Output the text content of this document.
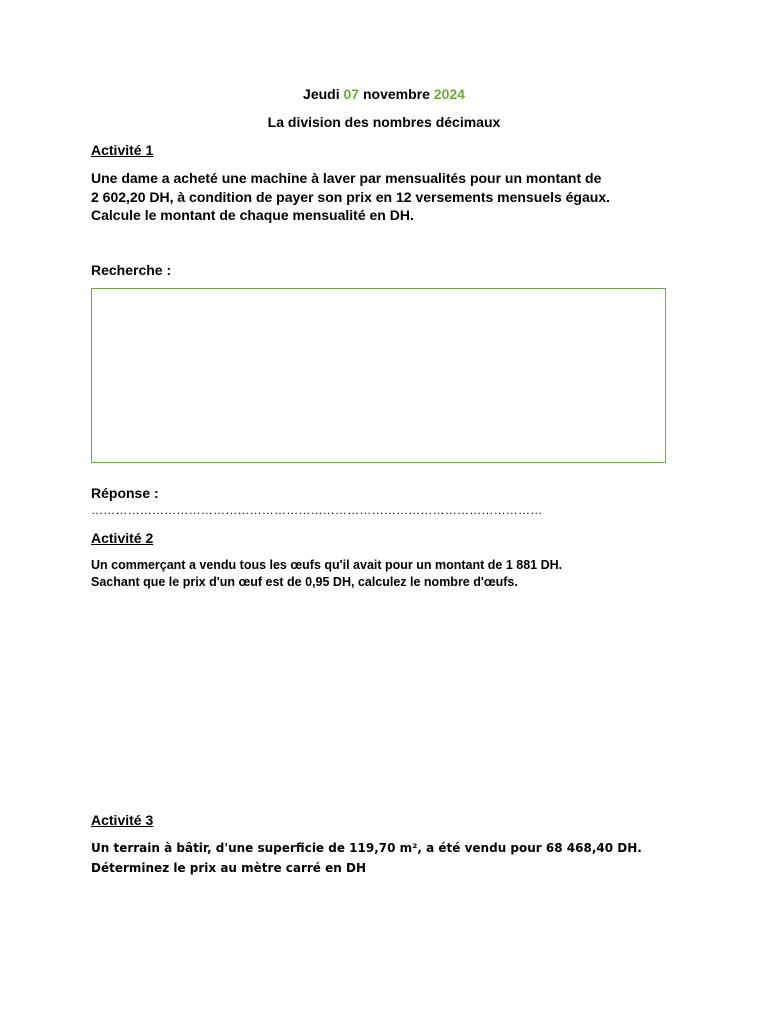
Jeudi 07 novembre 2024
La division des nombres décimaux
Activité 1
Une dame a acheté une machine à laver par mensualités pour un montant de
2 602,20 DH, à condition de payer son prix en 12 versements mensuels égaux.
Calcule le montant de chaque mensualité en DH.
Recherche :
Réponse :
…………………………………………………………………………………………………
Activité 2
Un commerçant a vendu tous les œufs qu'il avait pour un montant de 1 881 DH.
Sachant que le prix d'un œuf est de 0,95 DH, calculez le nombre d'œufs.
Activité 3
Un terrain à bâtir, d'une superficie de 119,70 m², a été vendu pour 68 468,40 DH.
Déterminez le prix au mètre carré en DH
